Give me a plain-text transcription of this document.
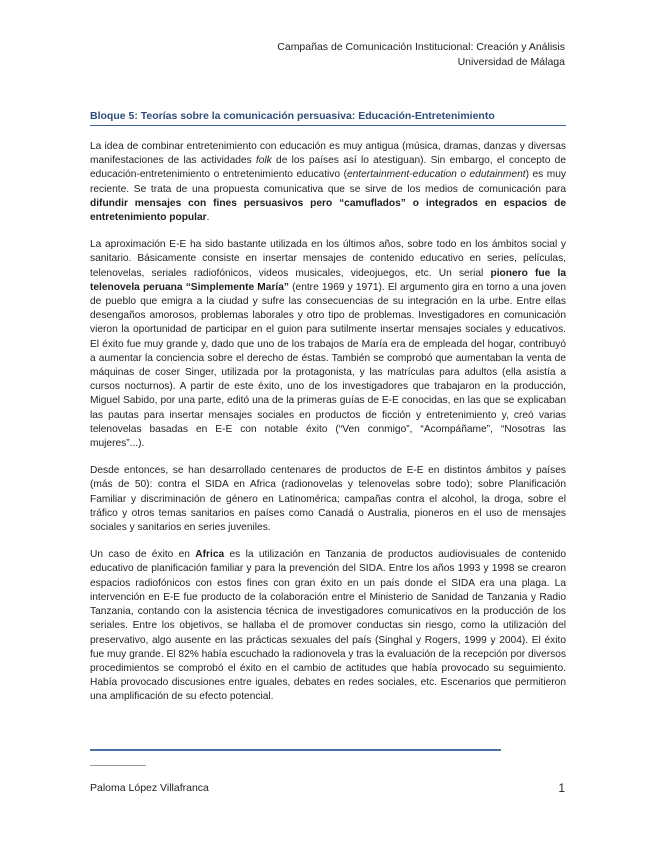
Campañas de Comunicación Institucional: Creación y Análisis
Universidad de Málaga
Bloque 5: Teorías sobre la comunicación persuasiva: Educación-Entretenimiento

La idea de combinar entretenimiento con educación es muy antigua (música, dramas, danzas y diversas manifestaciones de las actividades folk de los países así lo atestiguan). Sin embargo, el concepto de educación-entretenimiento o entretenimiento educativo (entertainment-education o edutainment) es muy reciente. Se trata de una propuesta comunicativa que se sirve de los medios de comunicación para difundir mensajes con fines persuasivos pero “camuflados” o integrados en espacios de entretenimiento popular.

La aproximación E-E ha sido bastante utilizada en los últimos años, sobre todo en los ámbitos social y sanitario. Básicamente consiste en insertar mensajes de contenido educativo en series, películas, telenovelas, seriales radiofónicos, videos musicales, videojuegos, etc. Un serial pionero fue la telenovela peruana “Simplemente María” (entre 1969 y 1971). El argumento gira en torno a una joven de pueblo que emigra a la ciudad y sufre las consecuencias de su integración en la urbe. Entre ellas desengaños amorosos, problemas laborales y otro tipo de problemas. Investigadores en comunicación vieron la oportunidad de participar en el guion para sutilmente insertar mensajes sociales y educativos. El éxito fue muy grande y, dado que uno de los trabajos de María era de empleada del hogar, contribuyó a aumentar la conciencia sobre el derecho de éstas. También se comprobó que aumentaban la venta de máquinas de coser Singer, utilizada por la protagonista, y las matrículas para adultos (ella asistía a cursos nocturnos). A partir de este éxito, uno de los investigadores que trabajaron en la producción, Miguel Sabido, por una parte, editó una de la primeras guías de E-E conocidas, en las que se explicaban las pautas para insertar mensajes sociales en productos de ficción y entretenimiento y, creó varias telenovelas basadas en E-E con notable éxito (“Ven conmigo”, “Acompáñame”, “Nosotras las mujeres”...).

Desde entonces, se han desarrollado centenares de productos de E-E en distintos ámbitos y países (más de 50): contra el SIDA en Africa (radionovelas y telenovelas sobre todo); sobre Planificación Familiar y discriminación de género en Latinomérica; campañas contra el alcohol, la droga, sobre el tráfico y otros temas sanitarios en países como Canadá o Australia, pioneros en el uso de mensajes sociales y sanitarios en series juveniles.

Un caso de éxito en Africa es la utilización en Tanzania de productos audiovisuales de contenido educativo de planificación familiar y para la prevención del SIDA. Entre los años 1993 y 1998 se crearon espacios radiofónicos con estos fines con gran éxito en un país donde el SIDA era una plaga. La intervención en E-E fue producto de la colaboración entre el Ministerio de Sanidad de Tanzania y Radio Tanzania, contando con la asistencia técnica de investigadores comunicativos en la producción de los seriales. Entre los objetivos, se hallaba el de promover conductas sin riesgo, como la utilización del preservativo, algo ausente en las prácticas sexuales del país (Singhal y Rogers, 1999 y 2004). El éxito fue muy grande. El 82% había escuchado la radionovela y tras la evaluación de la recepción por diversos procedimientos se comprobó el éxito en el cambio de actitudes que había provocado su seguimiento. Había provocado discusiones entre iguales, debates en redes sociales, etc. Escenarios que permitieron una amplificación de su efecto potencial.

Paloma López Villafranca	1
